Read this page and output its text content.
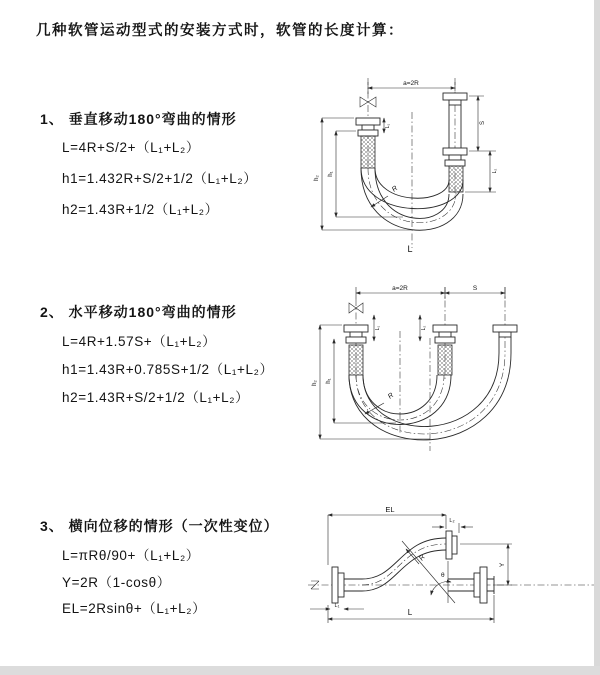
几种软管运动型式的安装方式时，软管的长度计算：
1、 垂直移动180°弯曲的情形
L=4R+S/2+（L₁+L₂）
h1=1.432R+S/2+1/2（L₁+L₂）
h2=1.43R+1/2（L₁+L₂）
2、 水平移动180°弯曲的情形
L=4R+1.57S+（L₁+L₂）
h1=1.43R+0.785S+1/2（L₁+L₂）
h2=1.43R+S/2+1/2（L₁+L₂）
3、 横向位移的情形（一次性变位）
L=πRθ/90+（L₁+L₂）
Y=2R（1-cosθ）
EL=2Rsinθ+（L₁+L₂）
a=2R
h₂
h₁
L₁
S
L₂
R
L
a=2R	S
h₂ h₁
L₁	L₂
R
EL
L₂
Y
R
θ
L
L₁
